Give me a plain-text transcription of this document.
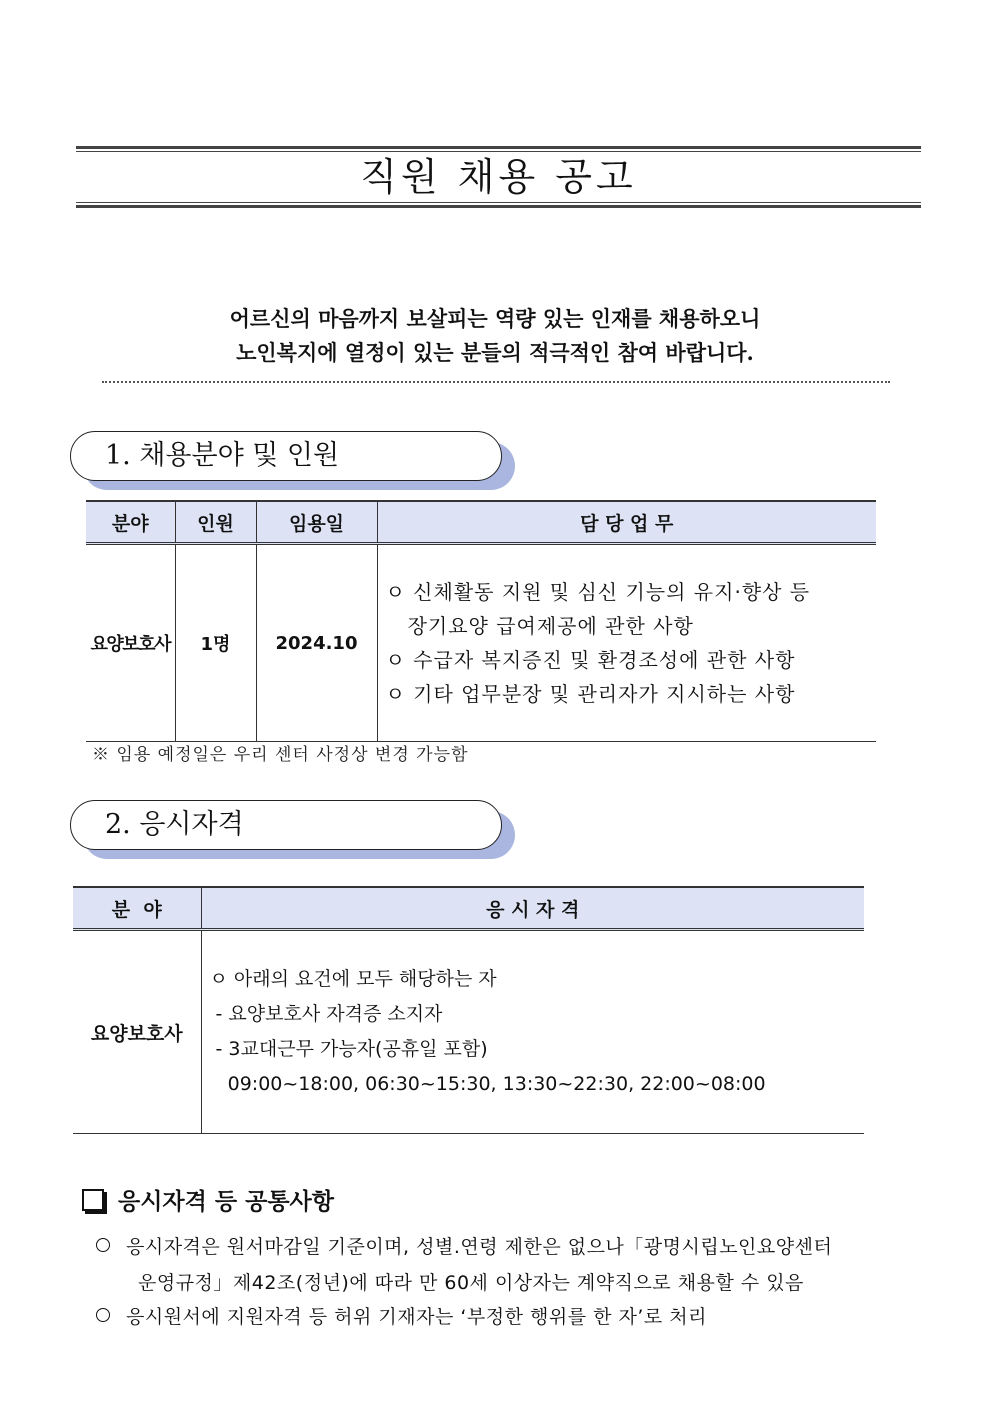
직원 채용 공고
어르신의 마음까지 보살피는 역량 있는 인재를 채용하오니
노인복지에 열정이 있는 분들의 적극적인 참여 바랍니다.
1. 채용분야 및 인원
분야	인원	임용일	담 당 업 무
요양보호사	1명	2024.10	ㅇ 신체활동 지원 및 심신 기능의 유지·향상 등
장기요양 급여제공에 관한 사항
ㅇ 수급자 복지증진 및 환경조성에 관한 사항
ㅇ 기타 업무분장 및 관리자가 지시하는 사항
※ 임용 예정일은 우리 센터 사정상 변경 가능함
2. 응시자격
분  야	응 시 자 격
요양보호사	ㅇ 아래의 요건에 모두 해당하는 자
- 요양보호사 자격증 소지자
- 3교대근무 가능자(공휴일 포함)
09:00~18:00, 06:30~15:30, 13:30~22:30, 22:00~08:00
응시자격 등 공통사항
응시자격은 원서마감일 기준이며, 성별.연령 제한은 없으나「광명시립노인요양센터
운영규정」제42조(정년)에 따라 만 60세 이상자는 계약직으로 채용할 수 있음
응시원서에 지원자격 등 허위 기재자는 ‘부정한 행위를 한 자’로 처리
